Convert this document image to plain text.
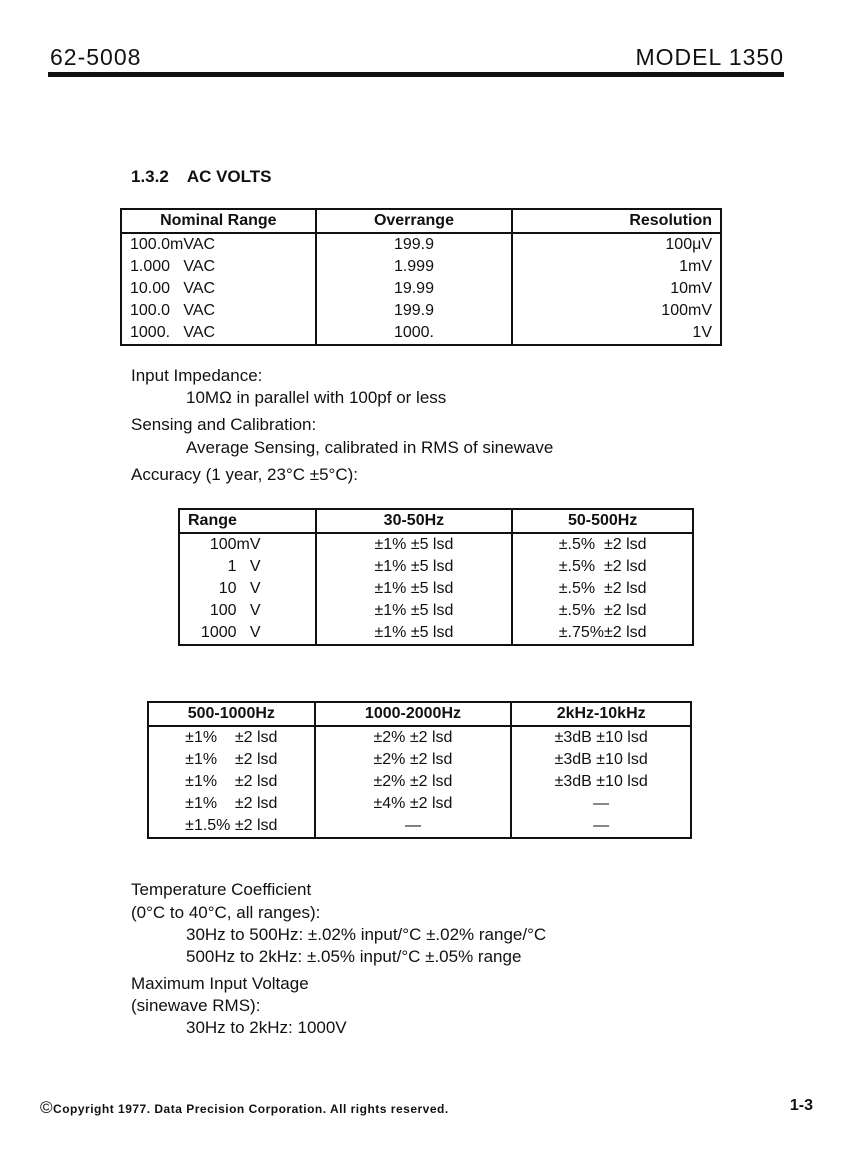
62-5008	MODEL 1350
1.3.2 AC VOLTS
Nominal Range	Overrange	Resolution
100.0mVAC	199.9	100μV
1.000   VAC	1.999	1mV
10.00   VAC	19.99	10mV
100.0   VAC	199.9	100mV
1000.   VAC	1000.	1V
Input Impedance:
10MΩ in parallel with 100pf or less
Sensing and Calibration:
Average Sensing, calibrated in RMS of sinewave
Accuracy (1 year, 23°C ±5°C):
Range	30-50Hz	50-500Hz
100mV	±1% ±5 lsd	±.5%  ±2 lsd
1   V	±1% ±5 lsd	±.5%  ±2 lsd
10   V	±1% ±5 lsd	±.5%  ±2 lsd
100   V	±1% ±5 lsd	±.5%  ±2 lsd
1000   V	±1% ±5 lsd	±.75%±2 lsd
500-1000Hz	1000-2000Hz	2kHz-10kHz
±1%    ±2 lsd	±2% ±2 lsd	±3dB ±10 lsd
±1%    ±2 lsd	±2% ±2 lsd	±3dB ±10 lsd
±1%    ±2 lsd	±2% ±2 lsd	±3dB ±10 lsd
±1%    ±2 lsd	±4% ±2 lsd	—
±1.5% ±2 lsd	—	—
Temperature Coefficient
(0°C to 40°C, all ranges):
30Hz to 500Hz: ±.02% input/°C ±.02% range/°C
500Hz to 2kHz: ±.05% input/°C ±.05% range
Maximum Input Voltage
(sinewave RMS):
30Hz to 2kHz: 1000V
©Copyright 1977. Data Precision Corporation. All rights reserved.	1-3
